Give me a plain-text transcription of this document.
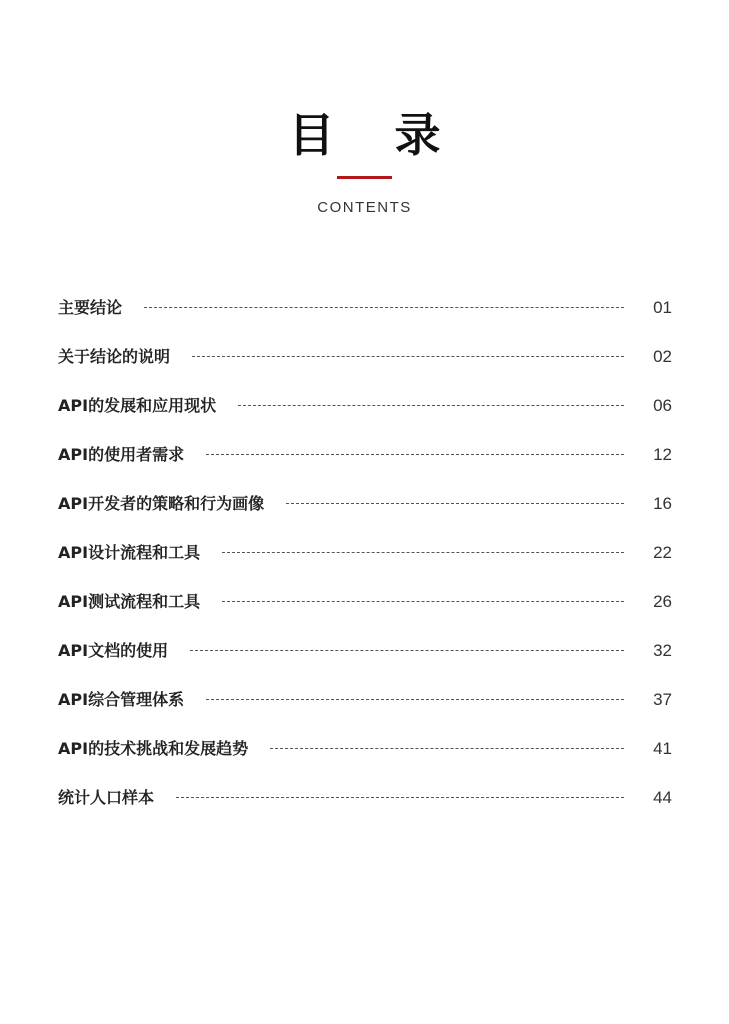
目 录
CONTENTS
主要结论	01
关于结论的说明	02
API的发展和应用现状	06
API的使用者需求	12
API开发者的策略和行为画像	16
API设计流程和工具	22
API测试流程和工具	26
API文档的使用	32
API综合管理体系	37
API的技术挑战和发展趋势	41
统计人口样本	44
